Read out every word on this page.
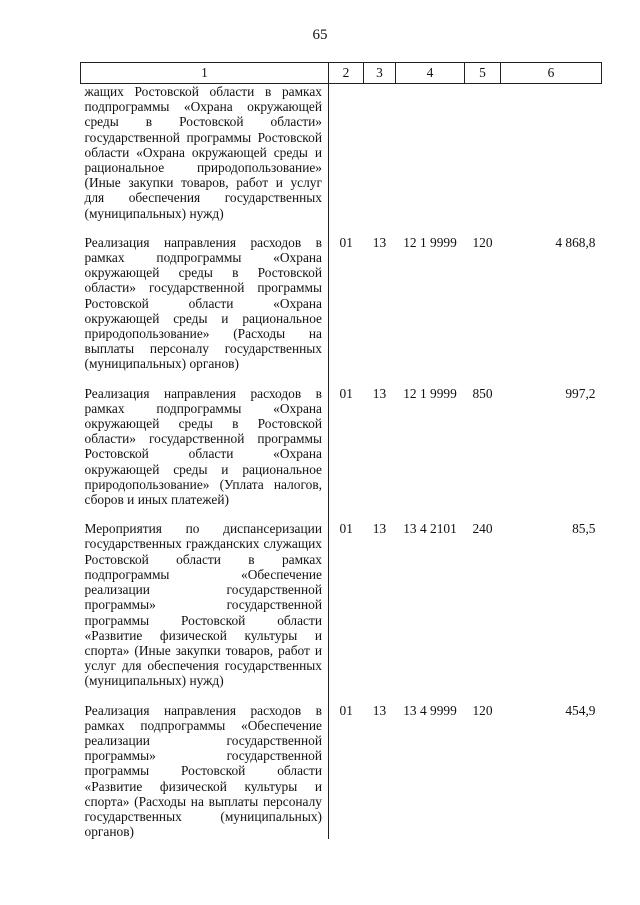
65
1	2	3	4	5	6
жащих Ростовской области в рамках подпрограммы «Охрана окружающей среды в Ростовской области» государственной программы Ростовской области «Охрана окружающей среды и рациональное природопользование» (Иные закупки товаров, работ и услуг для обеспечения государственных (муниципальных) нужд)					
Реализация направления расходов в рамках подпрограммы «Охрана окружающей среды в Ростовской области» государственной программы Ростовской области «Охрана окружающей среды и рациональное природопользование» (Расходы на выплаты персоналу государственных (муниципальных) органов)	01	13	12 1 9999	120	4 868,8
Реализация направления расходов в рамках подпрограммы «Охрана окружающей среды в Ростовской области» государственной программы Ростовской области «Охрана окружающей среды и рациональное природопользование» (Уплата налогов, сборов и иных платежей)	01	13	12 1 9999	850	997,2
Мероприятия по диспансеризации государственных гражданских служащих Ростовской области в рамках подпрограммы «Обеспечение реализации государственной программы» государственной программы Ростовской области «Развитие физической культуры и спорта» (Иные закупки товаров, работ и услуг для обеспечения государственных (муниципальных) нужд)	01	13	13 4 2101	240	85,5
Реализация направления расходов в рамках подпрограммы «Обеспечение реализации государственной программы» государственной программы Ростовской области «Развитие физической культуры и спорта» (Расходы на выплаты персоналу государственных (муниципальных) органов)	01	13	13 4 9999	120	454,9
